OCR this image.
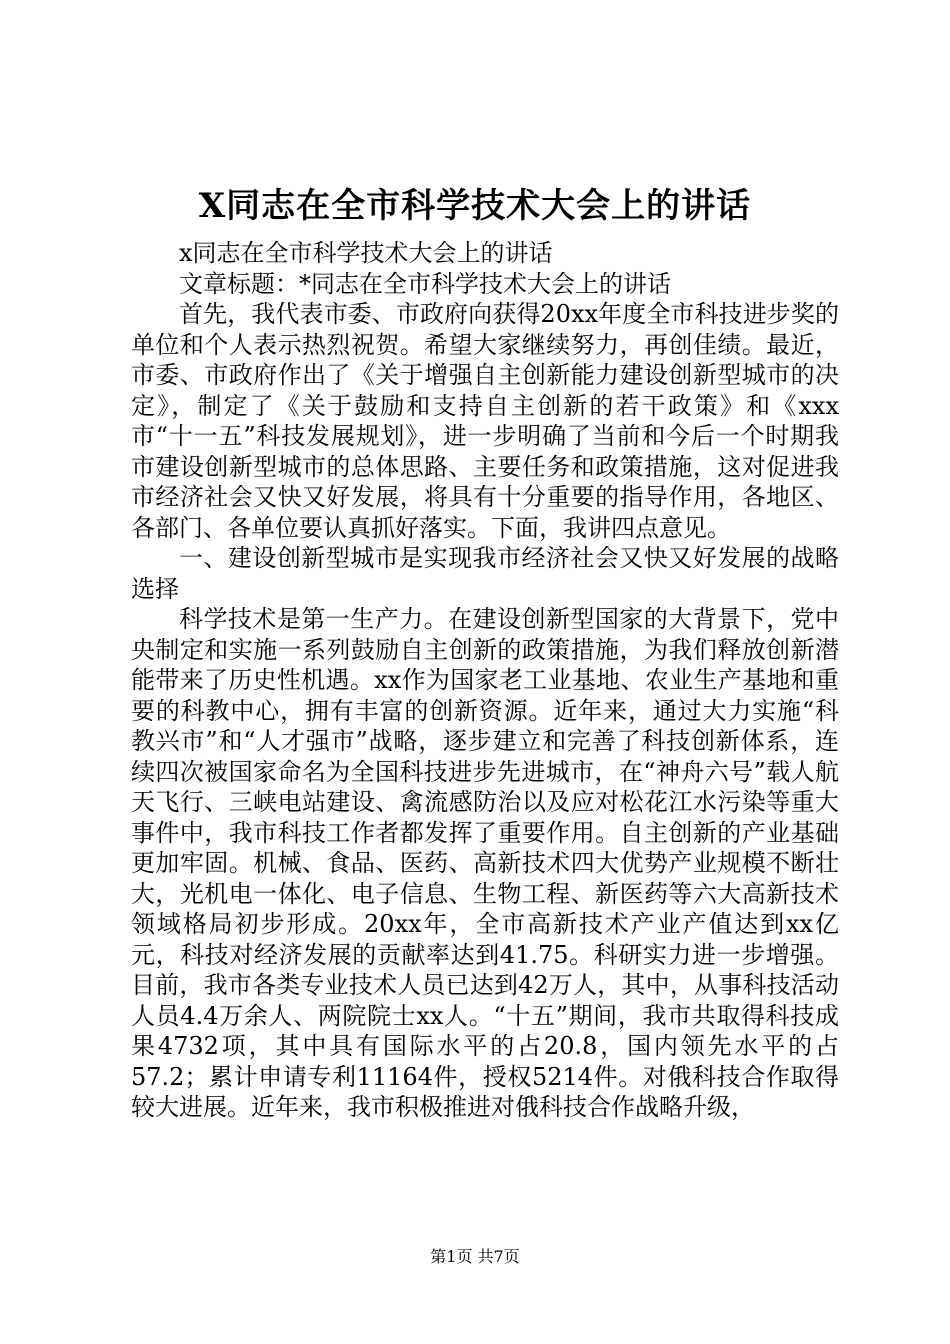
X同志在全市科学技术大会上的讲话

x同志在全市科学技术大会上的讲话

文章标题：*同志在全市科学技术大会上的讲话

首先，我代表市委、市政府向获得20xx年度全市科技进步奖的单位和个人表示热烈祝贺。希望大家继续努力，再创佳绩。最近，市委、市政府作出了《关于增强自主创新能力建设创新型城市的决定》，制定了《关于鼓励和支持自主创新的若干政策》和《xxx市“十一五”科技发展规划》，进一步明确了当前和今后一个时期我市建设创新型城市的总体思路、主要任务和政策措施，这对促进我市经济社会又快又好发展，将具有十分重要的指导作用，各地区、各部门、各单位要认真抓好落实。下面，我讲四点意见。

一、建设创新型城市是实现我市经济社会又快又好发展的战略选择

科学技术是第一生产力。在建设创新型国家的大背景下，党中央制定和实施一系列鼓励自主创新的政策措施，为我们释放创新潜能带来了历史性机遇。xx作为国家老工业基地、农业生产基地和重要的科教中心，拥有丰富的创新资源。近年来，通过大力实施“科教兴市”和“人才强市”战略，逐步建立和完善了科技创新体系，连续四次被国家命名为全国科技进步先进城市，在“神舟六号”载人航天飞行、三峡电站建设、禽流感防治以及应对松花江水污染等重大事件中，我市科技工作者都发挥了重要作用。自主创新的产业基础更加牢固。机械、食品、医药、高新技术四大优势产业规模不断壮大，光机电一体化、电子信息、生物工程、新医药等六大高新技术领域格局初步形成。20xx年，全市高新技术产业产值达到xx亿元，科技对经济发展的贡献率达到41.75。科研实力进一步增强。目前，我市各类专业技术人员已达到42万人，其中，从事科技活动人员4.4万余人、两院院士xx人。“十五”期间，我市共取得科技成果4732项，其中具有国际水平的占20.8，国内领先水平的占57.2；累计申请专利11164件，授权5214件。对俄科技合作取得较大进展。近年来，我市积极推进对俄科技合作战略升级，

第1页 共7页
